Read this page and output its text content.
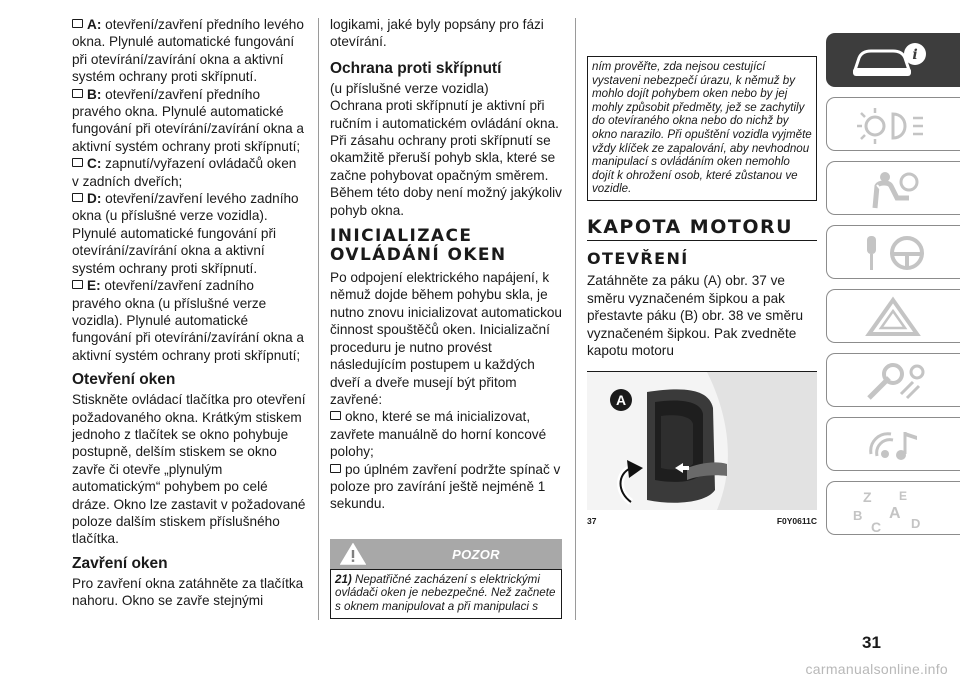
A: otevření/zavření předního levého okna. Plynulé automatické fungování při otevírání/zavírání okna a aktivní systém ochrany proti skřípnutí.

B: otevření/zavření předního pravého okna. Plynulé automatické fungování při otevírání/zavírání okna a aktivní systém ochrany proti skřípnutí;

C: zapnutí/vyřazení ovládačů oken v zadních dveřích;

D: otevření/zavření levého zadního okna (u příslušné verze vozidla). Plynulé automatické fungování při otevírání/zavírání okna a aktivní systém ochrany proti skřípnutí.

E: otevření/zavření zadního pravého okna (u příslušné verze vozidla). Plynulé automatické fungování při otevírání/zavírání okna a aktivní systém ochrany proti skřípnutí;

Otevření oken

Stiskněte ovládací tlačítka pro otevření požadovaného okna. Krátkým stiskem jednoho z tlačítek se okno pohybuje postupně, delším stiskem se okno zavře či otevře „plynulým automatickým“ pohybem po celé dráze. Okno lze zastavit v požadované poloze dalším stiskem příslušného tlačítka.

Zavření oken

Pro zavření okna zatáhněte za tlačítka nahoru. Okno se zavře stejnými

logikami, jaké byly popsány pro fázi otevírání.

Ochrana proti skřípnutí

(u příslušné verze vozidla)

Ochrana proti skřípnutí je aktivní při ručním i automatickém ovládání okna.

Při zásahu ochrany proti skřípnutí se okamžitě přeruší pohyb skla, které se začne pohybovat opačným směrem. Během této doby není možný jakýkoliv pohyb okna.

INICIALIZACE OVLÁDÁNÍ OKEN

Po odpojení elektrického napájení, k němuž dojde během pohybu skla, je nutno znovu inicializovat automatickou činnost spouštěčů oken. Inicializační proceduru je nutno provést následujícím postupem u každých dveří a dveře musejí být přitom zavřené:

okno, které se má inicializovat, zavřete manuálně do horní koncové polohy;

po úplném zavření podržte spínač v poloze pro zavírání ještě nejméně 1 sekundu.

POZOR
21) Nepatřičné zacházení s elektrickými ovládači oken je nebezpečné. Než začnete s oknem manipulovat a při manipulaci s
ním prověřte, zda nejsou cestující vystaveni nebezpečí úrazu, k němuž by mohlo dojít pohybem oken nebo by jej mohly způsobit předměty, jež se zachytily do otevíraného okna nebo do nichž by okno narazilo. Při opuštění vozidla vyjměte vždy klíček ze zapalování, aby nevhodnou manipulací s ovládáním oken nemohlo dojít k ohrožení osob, které zůstanou ve vozidle.
KAPOTA MOTORU
OTEVŘENÍ

Zatáhněte za páku (A) obr. 37 ve směru vyznačeném šipkou a pak přestavte páku (B) obr. 38 ve směru vyznačeném šipkou. Pak zvedněte kapotu motoru

A
37	F0Y0611C
i
Z E
B A
C D
31
carmanualsonline.info
